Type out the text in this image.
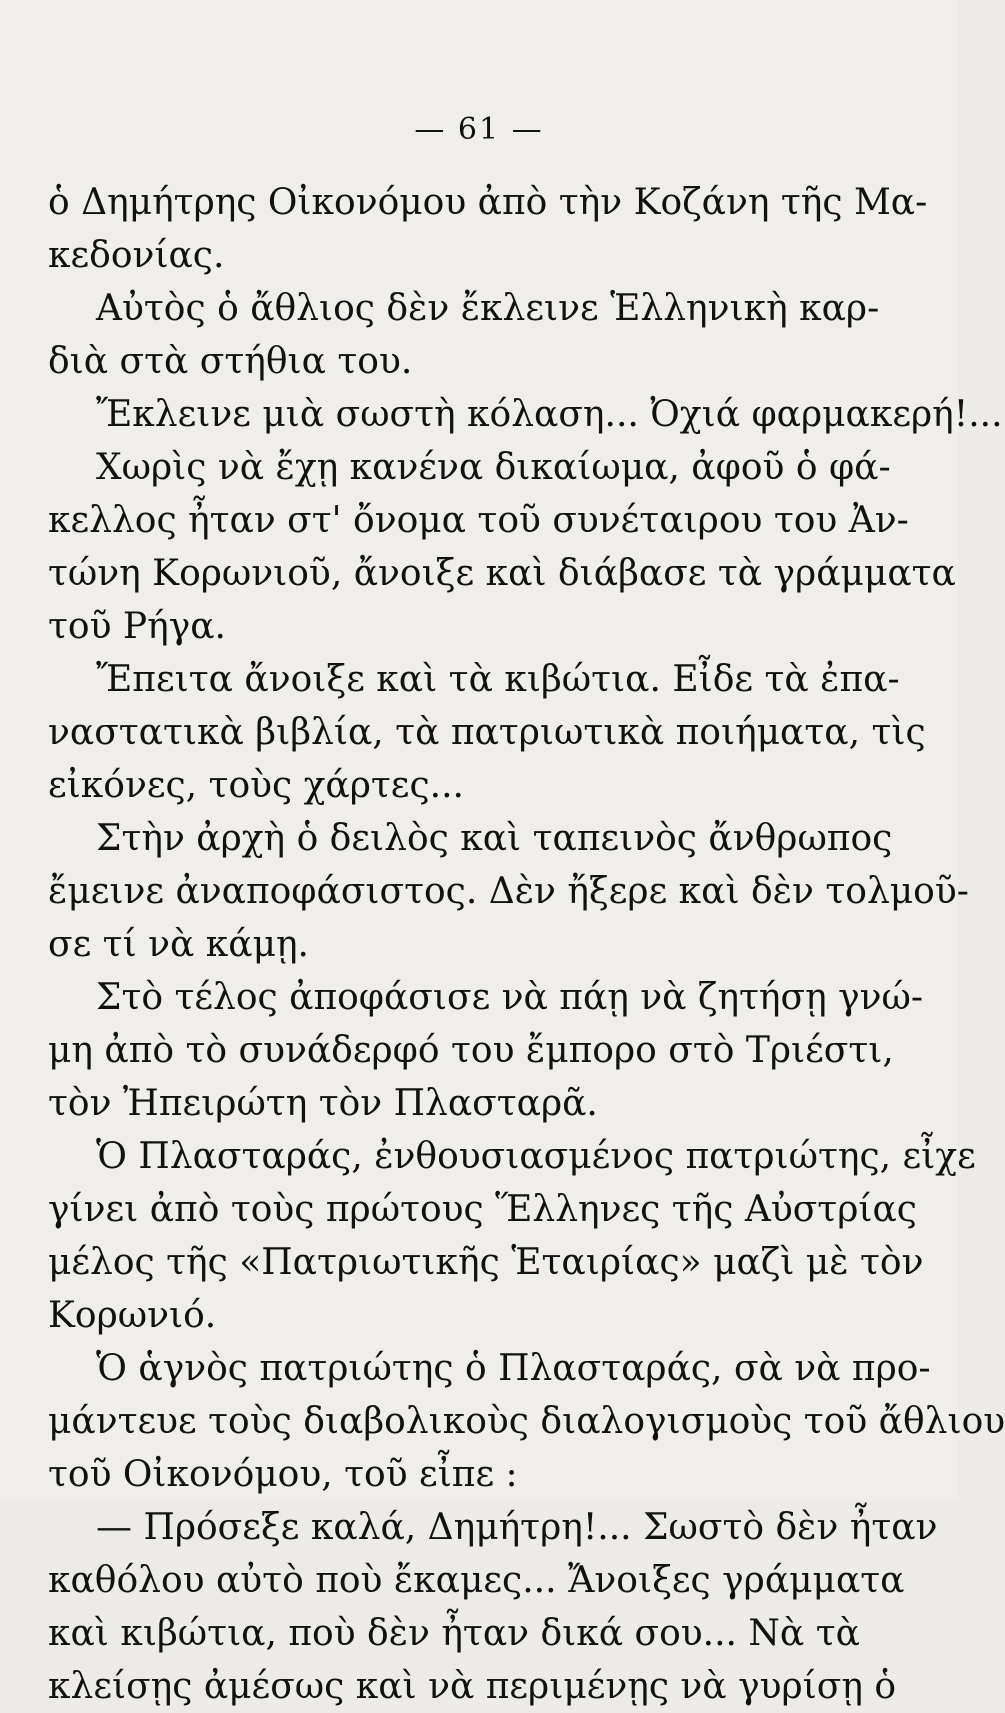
— 61 —
ὁ Δημήτρης Οἰκονόμου ἀπὸ τὴν Κοζάνη τῆς Μα-
κεδονίας.
Αὐτὸς ὁ ἄθλιος δὲν ἔκλεινε Ἑλληνικὴ καρ-
διὰ στὰ στήθια του.
Ἔκλεινε μιὰ σωστὴ κόλαση... Ὀχιά φαρμακερή!...
Χωρὶς νὰ ἔχῃ κανένα δικαίωμα, ἀφοῦ ὁ φά-
κελλος ἦταν στ' ὄνομα τοῦ συνέταιρου του Ἀν-
τώνη Κορωνιοῦ, ἄνοιξε καὶ διάβασε τὰ γράμματα
τοῦ Ρήγα.
Ἔπειτα ἄνοιξε καὶ τὰ κιβώτια. Εἶδε τὰ ἐπα-
ναστατικὰ βιβλία, τὰ πατριωτικὰ ποιήματα, τὶς
εἰκόνες, τοὺς χάρτες...
Στὴν ἀρχὴ ὁ δειλὸς καὶ ταπεινὸς ἄνθρωπος
ἔμεινε ἀναποφάσιστος. Δὲν ἤξερε καὶ δὲν τολμοῦ-
σε τί νὰ κάμῃ.
Στὸ τέλος ἀποφάσισε νὰ πάῃ νὰ ζητήσῃ γνώ-
μη ἀπὸ τὸ συνάδερφό του ἔμπορο στὸ Τριέστι,
τὸν Ἠπειρώτη τὸν Πλασταρᾶ.
Ὁ Πλασταράς, ἐνθουσιασμένος πατριώτης, εἶχε
γίνει ἀπὸ τοὺς πρώτους Ἕλληνες τῆς Αὐστρίας
μέλος τῆς «Πατριωτικῆς Ἑταιρίας» μαζὶ μὲ τὸν
Κορωνιό.
Ὁ ἁγνὸς πατριώτης ὁ Πλασταράς, σὰ νὰ προ-
μάντευε τοὺς διαβολικοὺς διαλογισμοὺς τοῦ ἄθλιου
τοῦ Οἰκονόμου, τοῦ εἶπε :
— Πρόσεξε καλά, Δημήτρη!... Σωστὸ δὲν ἦταν
καθόλου αὐτὸ ποὺ ἔκαμες... Ἄνοιξες γράμματα
καὶ κιβώτια, ποὺ δὲν ἦταν δικά σου... Νὰ τὰ
κλείσῃς ἀμέσως καὶ νὰ περιμένῃς νὰ γυρίσῃ ὁ
